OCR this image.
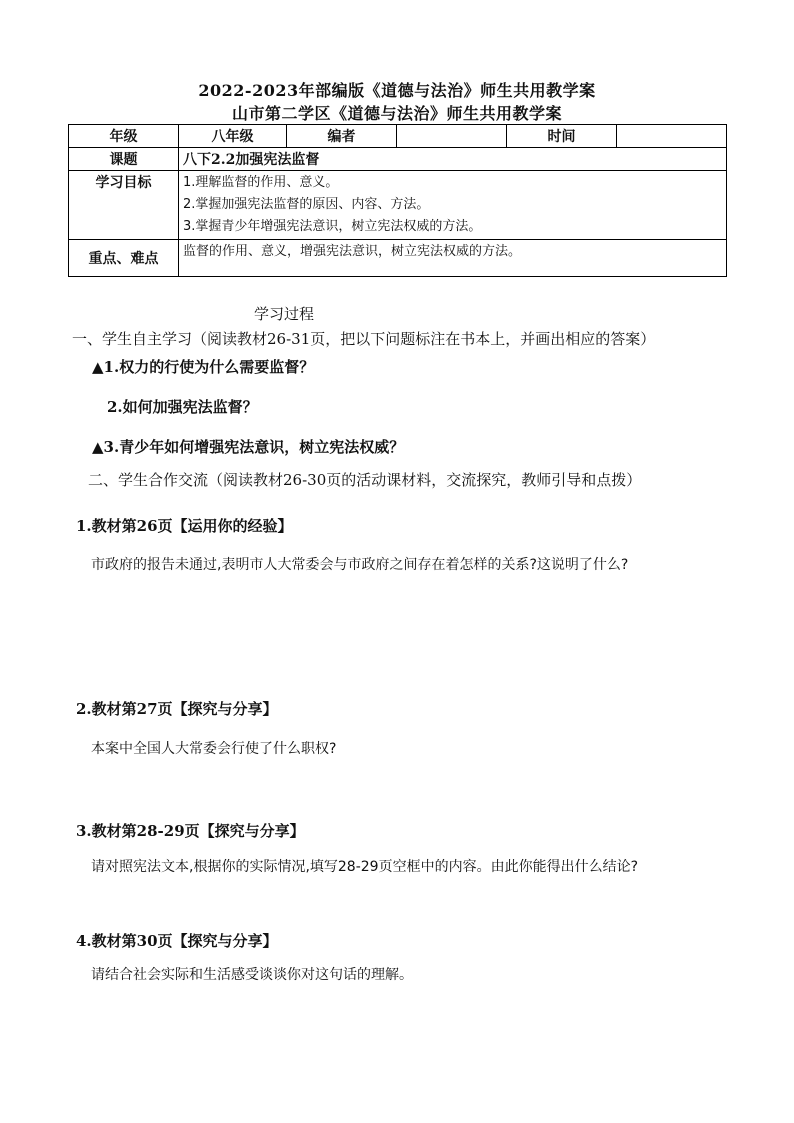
2022-2023年部编版《道德与法治》师生共用教学案
山市第二学区《道德与法治》师生共用教学案
年级	八年级	编者		时间	
课题	八下2.2加强宪法监督				
学习目标	1.理解监督的作用、意义。
2.掌握加强宪法监督的原因、内容、方法。
3.掌握青少年增强宪法意识，树立宪法权威的方法。				

重点、难点	监督的作用、意义，增强宪法意识，树立宪法权威的方法。				
学习过程
一、学生自主学习（阅读教材26-31页，把以下问题标注在书本上，并画出相应的答案）
▲1.权力的行使为什么需要监督？
2.如何加强宪法监督？
▲3.青少年如何增强宪法意识，树立宪法权威？
二、学生合作交流（阅读教材26-30页的活动课材料，交流探究，教师引导和点拨）
1.教材第26页【运用你的经验】
市政府的报告未通过,表明市人大常委会与市政府之间存在着怎样的关系?这说明了什么?
2.教材第27页【探究与分享】
本案中全国人大常委会行使了什么职权?
3.教材第28-29页【探究与分享】
请对照宪法文本,根据你的实际情况,填写28-29页空框中的内容。由此你能得出什么结论?
4.教材第30页【探究与分享】
请结合社会实际和生活感受谈谈你对这句话的理解。
